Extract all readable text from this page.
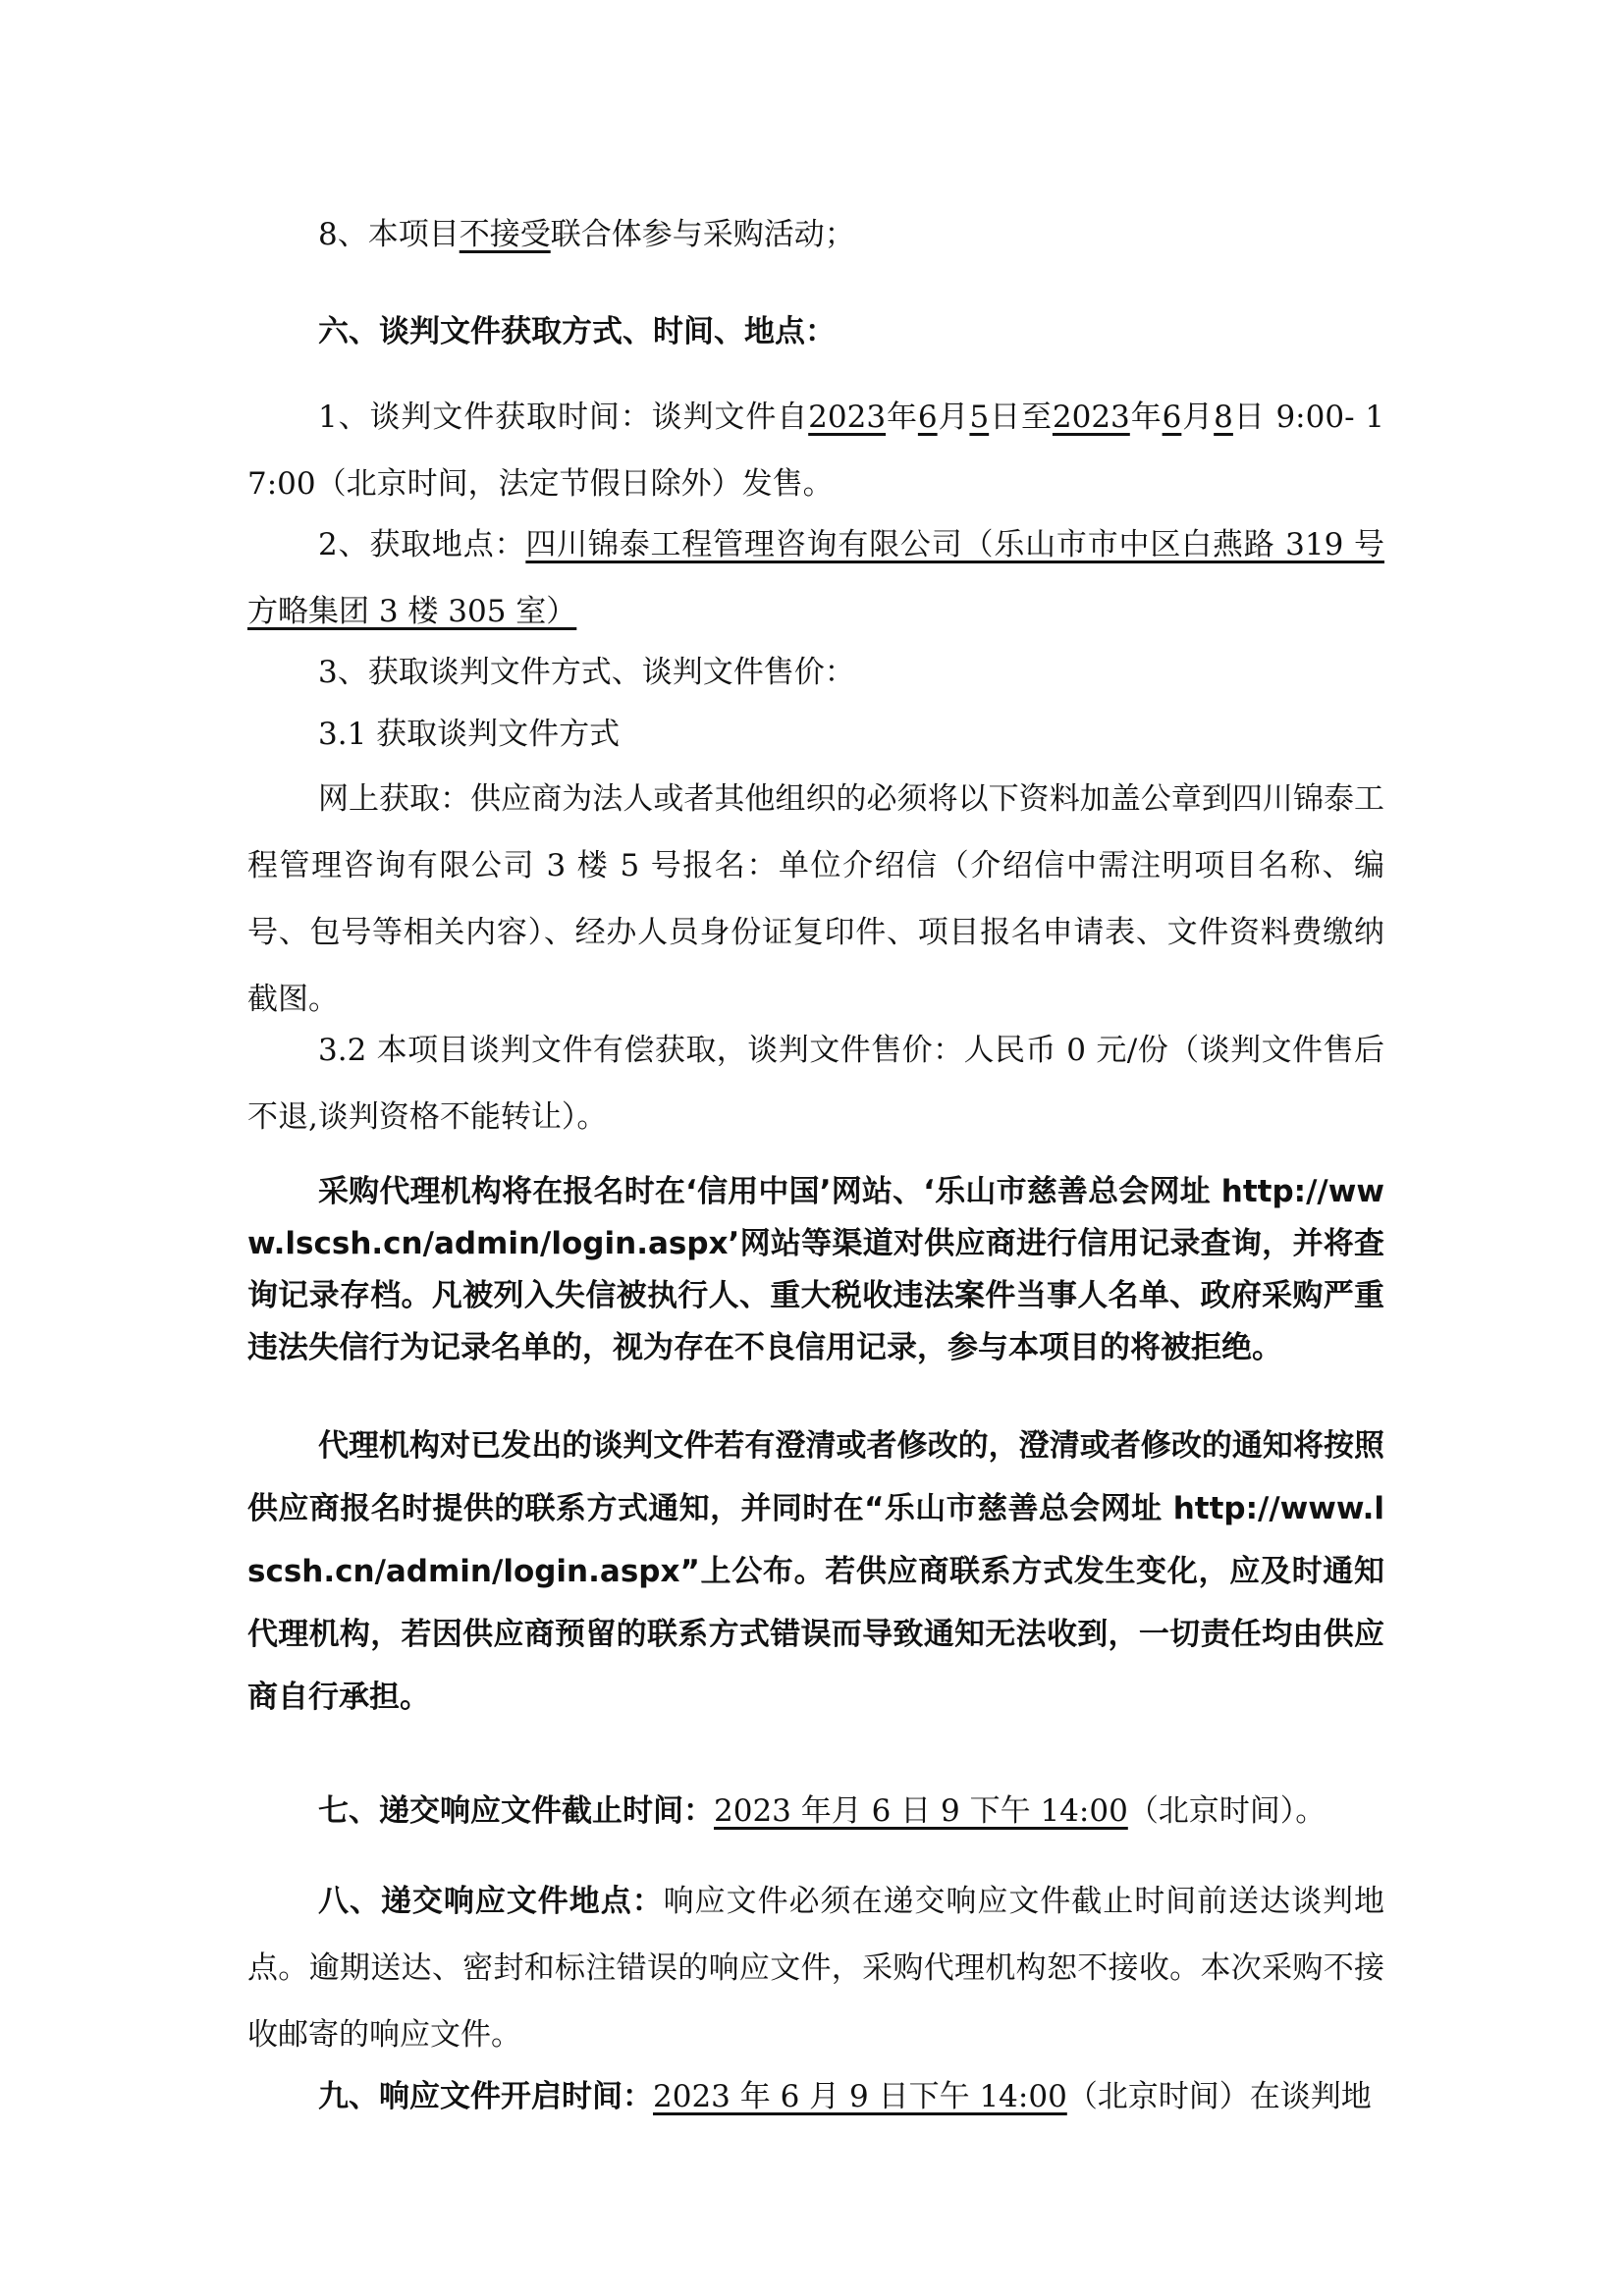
8、本项目不接受联合体参与采购活动；

六、谈判文件获取方式、时间、地点：

1、谈判文件获取时间：谈判文件自2023年6月5日至2023年6月8日 9:00- 17:00（北京时间，法定节假日除外）发售。

2、获取地点：四川锦泰工程管理咨询有限公司（乐山市市中区白燕路 319 号方略集团 3 楼 305 室）

3、获取谈判文件方式、谈判文件售价：

3.1 获取谈判文件方式

网上获取：供应商为法人或者其他组织的必须将以下资料加盖公章到四川锦泰工程管理咨询有限公司 3 楼 5 号报名：单位介绍信（介绍信中需注明项目名称、编号、包号等相关内容）、经办人员身份证复印件、项目报名申请表、文件资料费缴纳截图。

3.2 本项目谈判文件有偿获取，谈判文件售价：人民币 0 元/份（谈判文件售后不退,谈判资格不能转让）。

采购代理机构将在报名时在‘信用中国’网站、‘乐山市慈善总会网址 http://www.lscsh.cn/admin/login.aspx’网站等渠道对供应商进行信用记录查询，并将查询记录存档。凡被列入失信被执行人、重大税收违法案件当事人名单、政府采购严重违法失信行为记录名单的，视为存在不良信用记录，参与本项目的将被拒绝。

代理机构对已发出的谈判文件若有澄清或者修改的，澄清或者修改的通知将按照供应商报名时提供的联系方式通知，并同时在“乐山市慈善总会网址 http://www.lscsh.cn/admin/login.aspx”上公布。若供应商联系方式发生变化，应及时通知代理机构，若因供应商预留的联系方式错误而导致通知无法收到，一切责任均由供应商自行承担。

七、递交响应文件截止时间：2023 年月 6 日 9 下午 14:00（北京时间）。

八、递交响应文件地点：响应文件必须在递交响应文件截止时间前送达谈判地点。逾期送达、密封和标注错误的响应文件，采购代理机构恕不接收。本次采购不接收邮寄的响应文件。

九、响应文件开启时间：2023 年 6 月 9 日下午 14:00（北京时间）在谈判地
